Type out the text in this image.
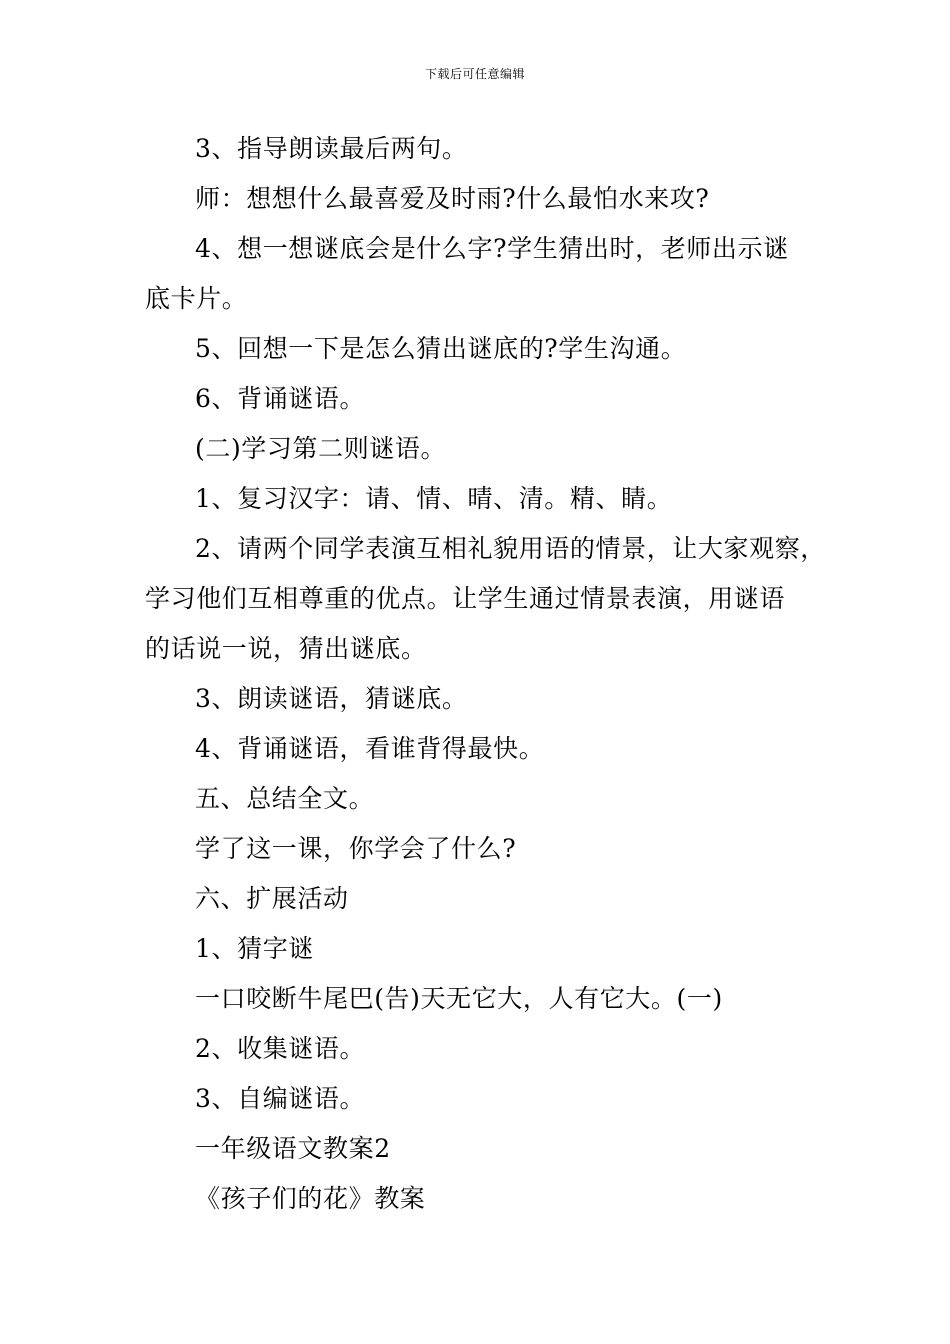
下载后可任意编辑
3、指导朗读最后两句。
师：想想什么最喜爱及时雨?什么最怕水来攻?
4、想一想谜底会是什么字?学生猜出时，老师出示谜
底卡片。
5、回想一下是怎么猜出谜底的?学生沟通。
6、背诵谜语。
(二)学习第二则谜语。
1、复习汉字：请、情、晴、清。精、睛。
2、请两个同学表演互相礼貌用语的情景，让大家观察，
学习他们互相尊重的优点。让学生通过情景表演，用谜语
的话说一说，猜出谜底。
3、朗读谜语，猜谜底。
4、背诵谜语，看谁背得最快。
五、总结全文。
学了这一课，你学会了什么?
六、扩展活动
1、猜字谜
一口咬断牛尾巴(告)天无它大，人有它大。(一)
2、收集谜语。
3、自编谜语。
一年级语文教案2
《孩子们的花》教案
